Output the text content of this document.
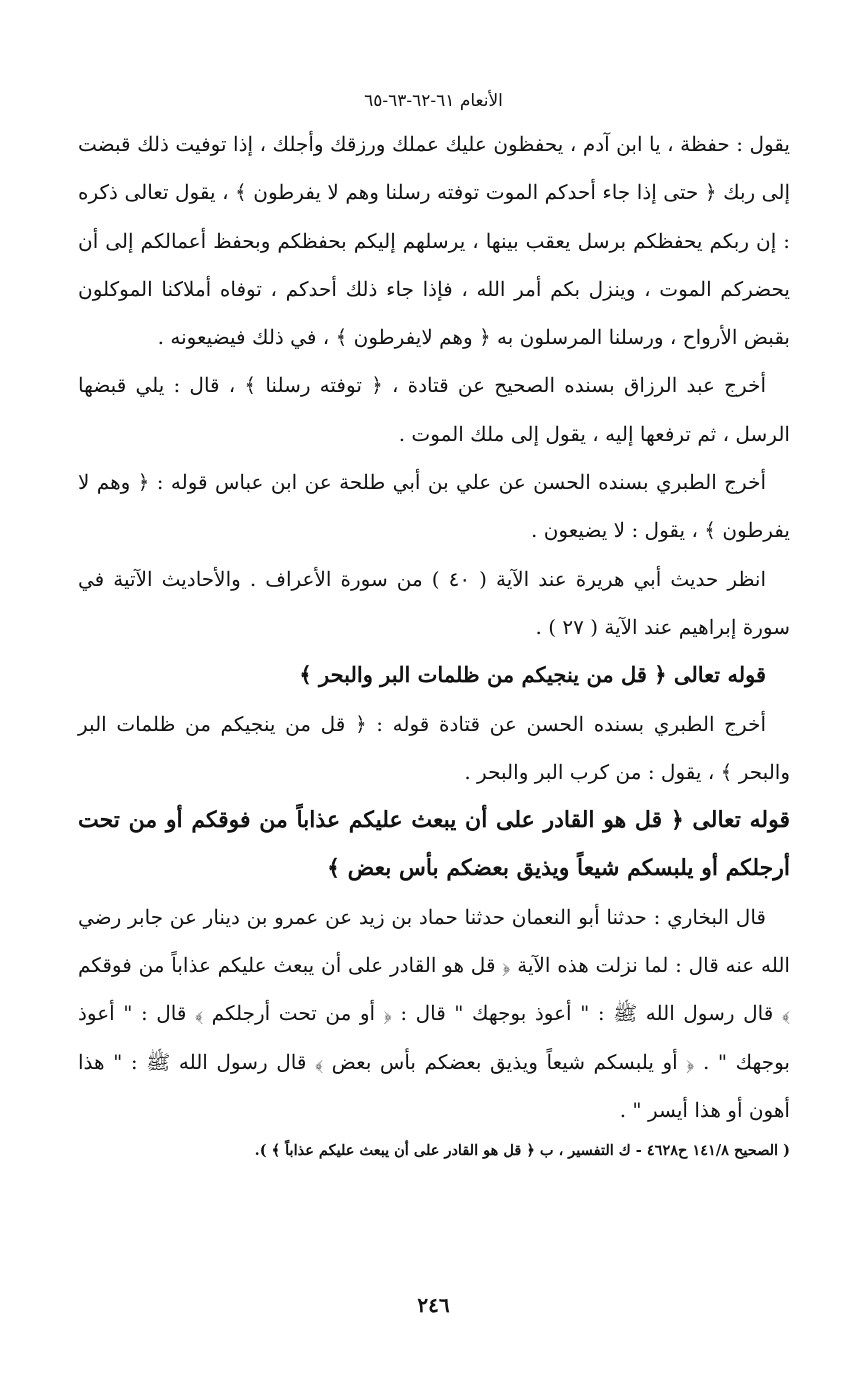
الأنعام ٦١-٦٢-٦٣-٦٥

يقول : حفظة ، يا ابن آدم ، يحفظون عليك عملك ورزقك وأجلك ، إذا توفيت ذلك قبضت إلى ربك ﴿ حتى إذا جاء أحدكم الموت توفته رسلنا وهم لا يفرطون ﴾ ، يقول تعالى ذكره : إن ربكم يحفظكم برسل يعقب بينها ، يرسلهم إليكم بحفظكم وبحفظ أعمالكم إلى أن يحضركم الموت ، وينزل بكم أمر الله ، فإذا جاء ذلك أحدكم ، توفاه أملاكنا الموكلون بقبض الأرواح ، ورسلنا المرسلون به ﴿ وهم لايفرطون ﴾ ، في ذلك فيضيعونه .

أخرج عبد الرزاق بسنده الصحيح عن قتادة ، ﴿ توفته رسلنا ﴾ ، قال : يلي قبضها الرسل ، ثم ترفعها إليه ، يقول إلى ملك الموت .

أخرج الطبري بسنده الحسن عن علي بن أبي طلحة عن ابن عباس قوله : ﴿ وهم لا يفرطون ﴾ ، يقول : لا يضيعون .

انظر حديث أبي هريرة عند الآية ( ٤٠ ) من سورة الأعراف . والأحاديث الآتية في سورة إبراهيم عند الآية ( ٢٧ ) .

قوله تعالى ﴿ قل من ينجيكم من ظلمات البر والبحر ﴾

أخرج الطبري بسنده الحسن عن قتادة قوله : ﴿ قل من ينجيكم من ظلمات البر والبحر ﴾ ، يقول : من كرب البر والبحر .

قوله تعالى ﴿ قل هو القادر على أن يبعث عليكم عذاباً من فوقكم أو من تحت أرجلكم أو يلبسكم شيعاً ويذيق بعضكم بأس بعض ﴾

قال البخاري : حدثنا أبو النعمان حدثنا حماد بن زيد عن عمرو بن دينار عن جابر رضي الله عنه قال : لما نزلت هذه الآية ﴿ قل هو القادر على أن يبعث عليكم عذاباً من فوقكم ﴾ قال رسول الله ﷺ : " أعوذ بوجهك " قال : ﴿ أو من تحت أرجلكم ﴾ قال : " أعوذ بوجهك " . ﴿ أو يلبسكم شيعاً ويذيق بعضكم بأس بعض ﴾ قال رسول الله ﷺ : " هذا أهون أو هذا أيسر " .

( الصحيح ١٤١/٨ ح٤٦٢٨ - ك التفسير ، ب ﴿ قل هو القادر على أن يبعث عليكم عذاباً ﴾ ).

٢٤٦
